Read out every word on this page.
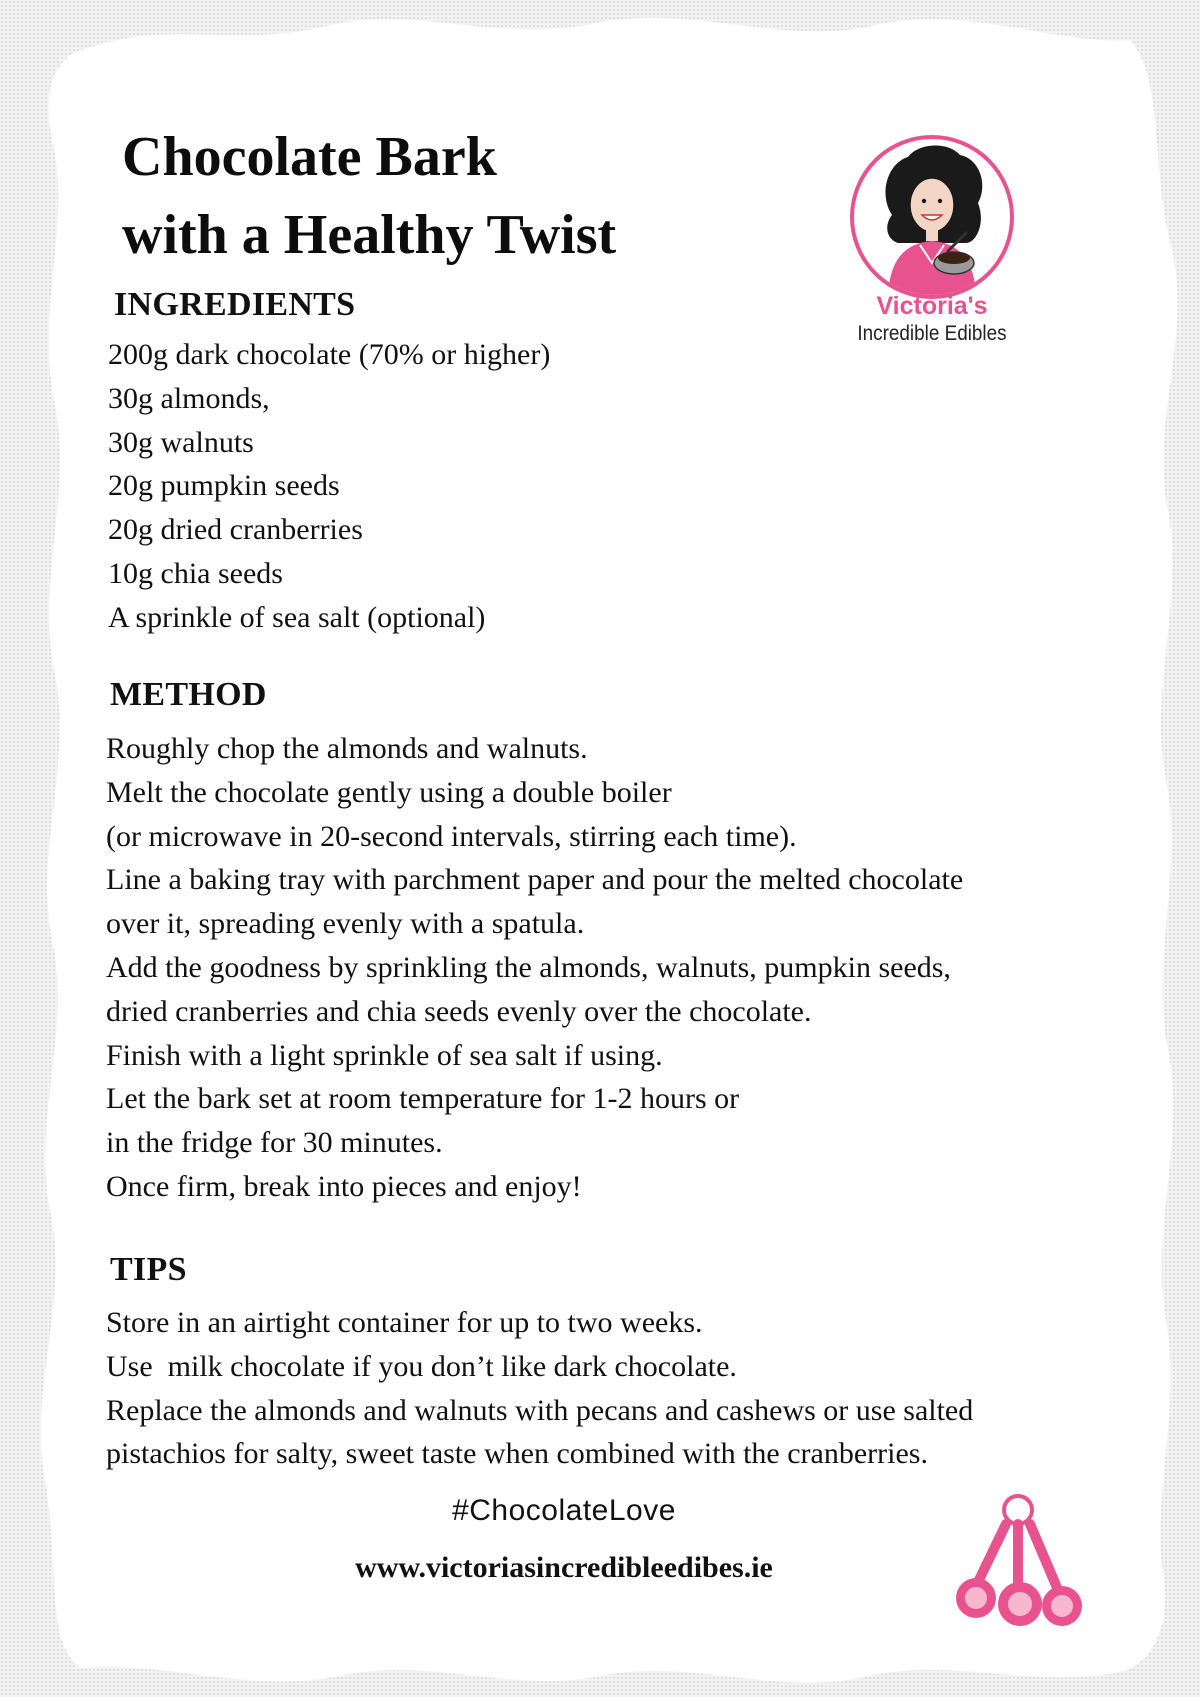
Chocolate Bark
with a Healthy Twist
Victoria's
Incredible Edibles
INGREDIENTS
200g dark chocolate (70% or higher)
30g almonds,
30g walnuts
20g pumpkin seeds
20g dried cranberries
10g chia seeds
A sprinkle of sea salt (optional)
METHOD
Roughly chop the almonds and walnuts.
Melt the chocolate gently using a double boiler
(or microwave in 20-second intervals, stirring each time).
Line a baking tray with parchment paper and pour the melted chocolate
over it, spreading evenly with a spatula.
Add the goodness by sprinkling the almonds, walnuts, pumpkin seeds,
dried cranberries and chia seeds evenly over the chocolate.
Finish with a light sprinkle of sea salt if using.
Let the bark set at room temperature for 1-2 hours or
in the fridge for 30 minutes.
Once firm, break into pieces and enjoy!
TIPS
Store in an airtight container for up to two weeks.
Use  milk chocolate if you don’t like dark chocolate.
Replace the almonds and walnuts with pecans and cashews or use salted
pistachios for salty, sweet taste when combined with the cranberries.
#ChocolateLove
www.victoriasincredibleedibes.ie
